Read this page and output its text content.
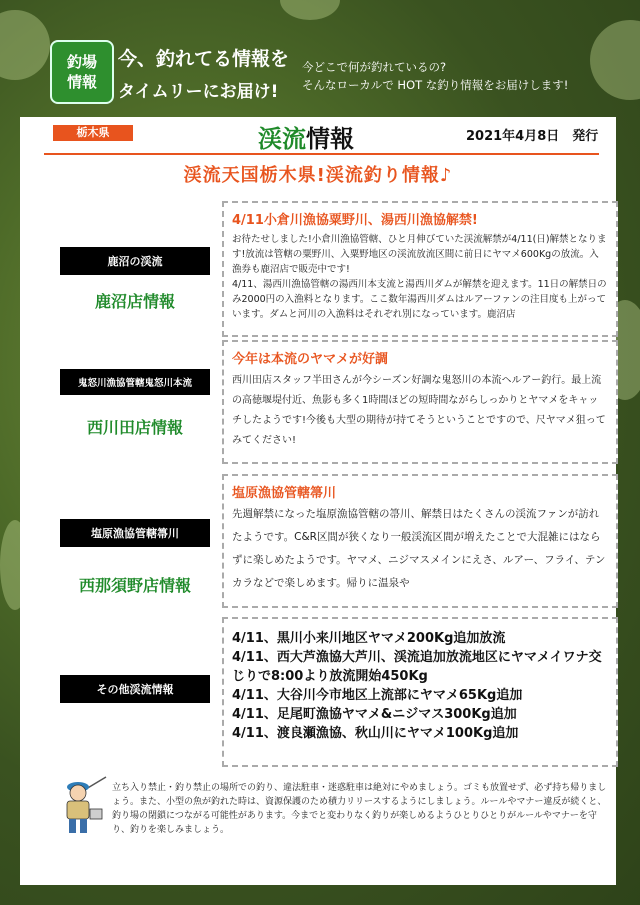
釣場
情報
今、釣れてる情報を
タイムリーにお届け!
今どこで何が釣れているの?
そんなローカルで HOT な釣り情報をお届けします!
栃木県	渓流情報	2021年4月8日　発行
渓流天国栃木県!渓流釣り情報♪
鹿沼の渓流
鹿沼店情報
4/11小倉川漁協粟野川、湯西川漁協解禁!
お待たせしました!小倉川漁協管轄、ひと月伸びていた渓流解禁が4/11(日)解禁となります!放流は管轄の粟野川、入粟野地区の渓流放流区間に前日にヤマメ600Kgの放流。入漁券も鹿沼店で販売中です!
4/11、湯西川漁協管轄の湯西川本支流と湯西川ダムが解禁を迎えます。11日の解禁日のみ2000円の入漁料となります。ここ数年湯西川ダムはルアーファンの注目度も上がっています。ダムと河川の入漁料はそれぞれ別になっています。鹿沼店
鬼怒川漁協管轄鬼怒川本流
西川田店情報
今年は本流のヤマメが好調
西川田店スタッフ半田さんが今シーズン好調な鬼怒川の本流ヘルアー釣行。最上流の高徳堰堤付近、魚影も多く1時間ほどの短時間ながらしっかりとヤマメをキャッチしたようです!今後も大型の期待が持てそうということですので、尺ヤマメ狙ってみてください!
塩原漁協管轄箒川
西那須野店情報
塩原漁協管轄箒川
先週解禁になった塩原漁協管轄の箒川、解禁日はたくさんの渓流ファンが訪れたようです。C&R区間が狭くなり一般渓流区間が増えたことで大混雑にはならずに楽しめたようです。ヤマメ、ニジマスメインにえさ、ルアー、フライ、テンカラなどで楽しめます。帰りに温泉や
その他渓流情報
4/11、黒川小来川地区ヤマメ200Kg追加放流
4/11、西大芦漁協大芦川、渓流追加放流地区にヤマメイワナ交じりで8:00より放流開始450Kg
4/11、大谷川今市地区上流部にヤマメ65Kg追加
4/11、足尾町漁協ヤマメ&ニジマス300Kg追加
4/11、渡良瀬漁協、秋山川にヤマメ100Kg追加
立ち入り禁止・釣り禁止の場所での釣り、違法駐車・迷惑駐車は絶対にやめましょう。ゴミも放置せず、必ず持ち帰りましょう。また、小型の魚が釣れた時は、資源保護のため積力リリースするようにしましょう。ルールやマナー違反が続くと、釣り場の閉鎖につながる可能性があります。今までと変わりなく釣りが楽しめるようひとりひとりがルールやマナーを守り、釣りを楽しみましょう。
